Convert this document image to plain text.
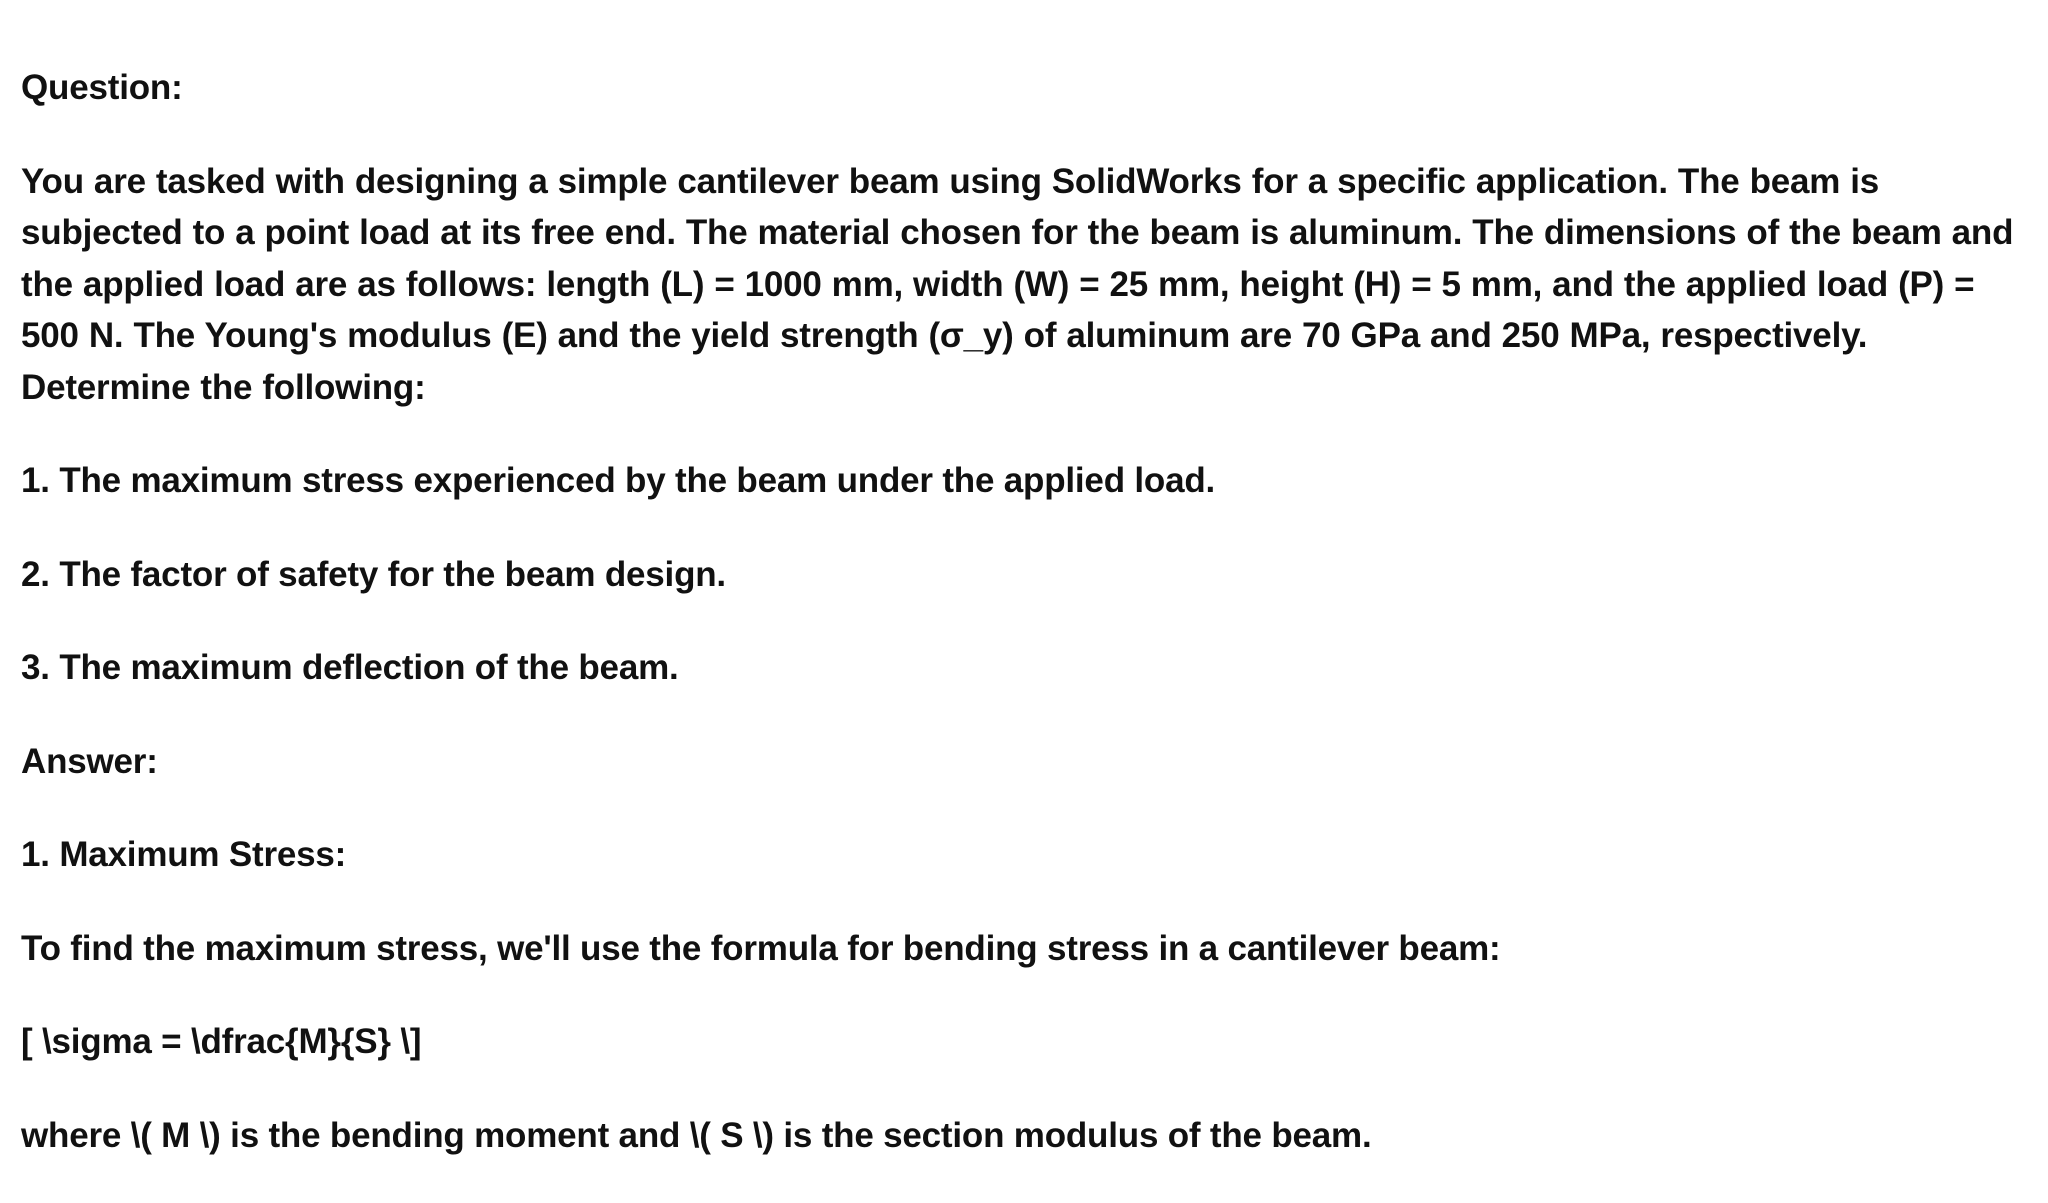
Question:

You are tasked with designing a simple cantilever beam using SolidWorks for a specific application. The beam is subjected to a point load at its free end. The material chosen for the beam is aluminum. The dimensions of the beam and the applied load are as follows: length (L) = 1000 mm, width (W) = 25 mm, height (H) = 5 mm, and the applied load (P) = 500 N. The Young's modulus (E) and the yield strength (σ_y) of aluminum are 70 GPa and 250 MPa, respectively. Determine the following:

1. The maximum stress experienced by the beam under the applied load.

2. The factor of safety for the beam design.

3. The maximum deflection of the beam.

Answer:

1. Maximum Stress:

To find the maximum stress, we'll use the formula for bending stress in a cantilever beam:

[ \sigma = \dfrac{M}{S} \]

where \( M \) is the bending moment and \( S \) is the section modulus of the beam.
